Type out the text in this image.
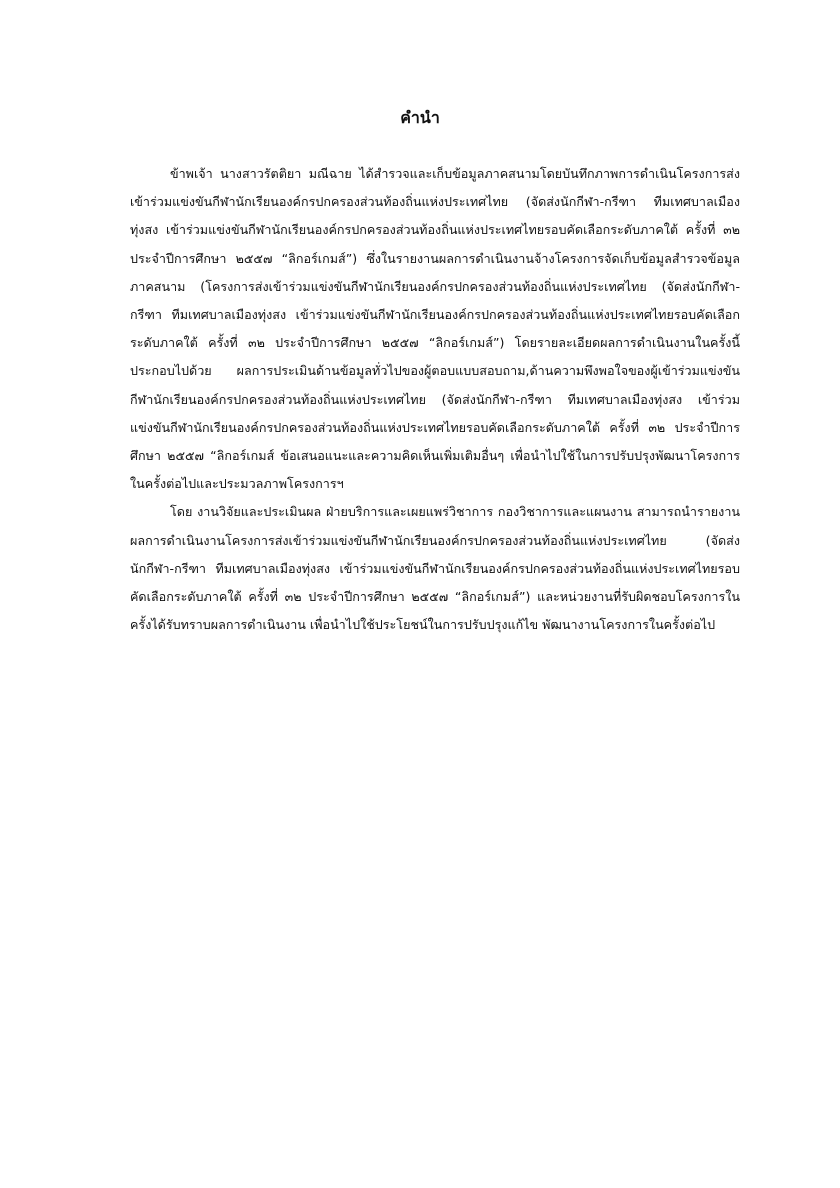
คำนำ

ข้าพเจ้า นางสาวรัตติยา มณีฉาย ได้สำรวจและเก็บข้อมูลภาคสนามโดยบันทึกภาพการดำเนินโครงการส่งเข้าร่วมแข่งขันกีฬานักเรียนองค์กรปกครองส่วนท้องถิ่นแห่งประเทศไทย (จัดส่งนักกีฬา-กรีฑา ทีมเทศบาลเมืองทุ่งสง เข้าร่วมแข่งขันกีฬานักเรียนองค์กรปกครองส่วนท้องถิ่นแห่งประเทศไทยรอบคัดเลือกระดับภาคใต้ ครั้งที่ ๓๒ ประจำปีการศึกษา ๒๕๕๗ “ลิกอร์เกมส์”) ซึ่งในรายงานผลการดำเนินงานจ้างโครงการจัดเก็บข้อมูลสำรวจข้อมูลภาคสนาม (โครงการส่งเข้าร่วมแข่งขันกีฬานักเรียนองค์กรปกครองส่วนท้องถิ่นแห่งประเทศไทย (จัดส่งนักกีฬา-กรีฑา ทีมเทศบาลเมืองทุ่งสง เข้าร่วมแข่งขันกีฬานักเรียนองค์กรปกครองส่วนท้องถิ่นแห่งประเทศไทยรอบคัดเลือกระดับภาคใต้ ครั้งที่ ๓๒ ประจำปีการศึกษา ๒๕๕๗ “ลิกอร์เกมส์”) โดยรายละเอียดผลการดำเนินงานในครั้งนี้ประกอบไปด้วย ผลการประเมินด้านข้อมูลทั่วไปของผู้ตอบแบบสอบถาม,ด้านความพึงพอใจของผู้เข้าร่วมแข่งขันกีฬานักเรียนองค์กรปกครองส่วนท้องถิ่นแห่งประเทศไทย (จัดส่งนักกีฬา-กรีฑา ทีมเทศบาลเมืองทุ่งสง เข้าร่วมแข่งขันกีฬานักเรียนองค์กรปกครองส่วนท้องถิ่นแห่งประเทศไทยรอบคัดเลือกระดับภาคใต้ ครั้งที่ ๓๒ ประจำปีการศึกษา ๒๕๕๗ “ลิกอร์เกมส์ ข้อเสนอแนะและความคิดเห็นเพิ่มเติมอื่นๆ เพื่อนำไปใช้ในการปรับปรุงพัฒนาโครงการในครั้งต่อไปและประมวลภาพโครงการฯ

โดย งานวิจัยและประเมินผล ฝ่ายบริการและเผยแพร่วิชาการ กองวิชาการและแผนงาน สามารถนำรายงานผลการดำเนินงานโครงการส่งเข้าร่วมแข่งขันกีฬานักเรียนองค์กรปกครองส่วนท้องถิ่นแห่งประเทศไทย (จัดส่งนักกีฬา-กรีฑา ทีมเทศบาลเมืองทุ่งสง เข้าร่วมแข่งขันกีฬานักเรียนองค์กรปกครองส่วนท้องถิ่นแห่งประเทศไทยรอบคัดเลือกระดับภาคใต้ ครั้งที่ ๓๒ ประจำปีการศึกษา ๒๕๕๗ “ลิกอร์เกมส์”) และหน่วยงานที่รับผิดชอบโครงการในครั้งได้รับทราบผลการดำเนินงาน เพื่อนำไปใช้ประโยชน์ในการปรับปรุงแก้ไข พัฒนางานโครงการในครั้งต่อไป
